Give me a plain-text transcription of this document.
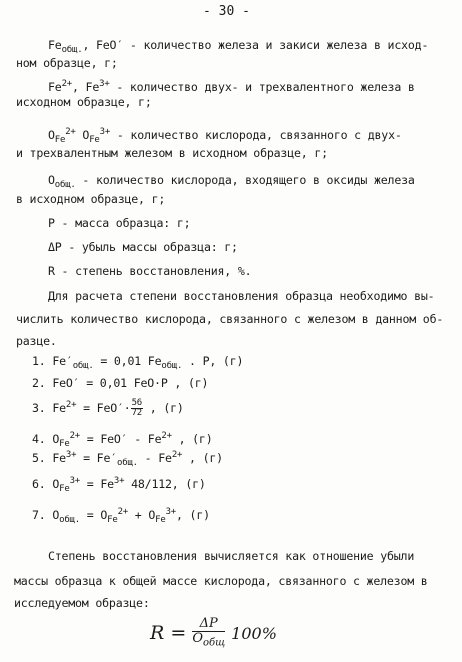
- 30 -
$Fe_{общ.}$, FeO′ - количество железа и закиси железа в исход-
ном образце, г;
$Fe^{2+}$, $Fe^{3+}$ - количество двух- и трехвалентного железа в
исходном образце, г;
$O_{Fe}^{2+}$ $O_{Fe}^{3+}$ - количество кислорода, связанного с двух-
и трехвалентным железом в исходном образце, г;
$O_{общ.}$ - количество кислорода, входящего в оксиды железа
в исходном образце, г;
P - масса образца: г;
ΔP - убыль массы образца: г;
R - степень восстановления, %.
Для расчета степени восстановления образца необходимо вы-
числить количество кислорода, связанного с железом в данном об-
разце.
1. $Fe'_{общ.} = 0,01$ $Fe_{общ.}$ . P, (г)
2. FeO′ = 0,01 FeO·P , (г)
3. $Fe^{2+} = FeO'\cdot \frac{56}{72}$ , (г)
4. $O_{Fe}^{2+} = FeO' - Fe^{2+}$ , (г)
5. $Fe^{3+} = Fe'_{общ.} - Fe^{2+}$ , (г)
6. $O_{Fe}^{3+} = Fe^{3+}$ 48/112, (г)
7. $O_{общ.} = O_{Fe}^{2+} + O_{Fe}^{3+}$, (г)
Степень восстановления вычисляется как отношение убыли
массы образца к общей массе кислорода, связанного с железом в
исследуемом образце:
R =	ΔP
$O_{общ}$
100%
